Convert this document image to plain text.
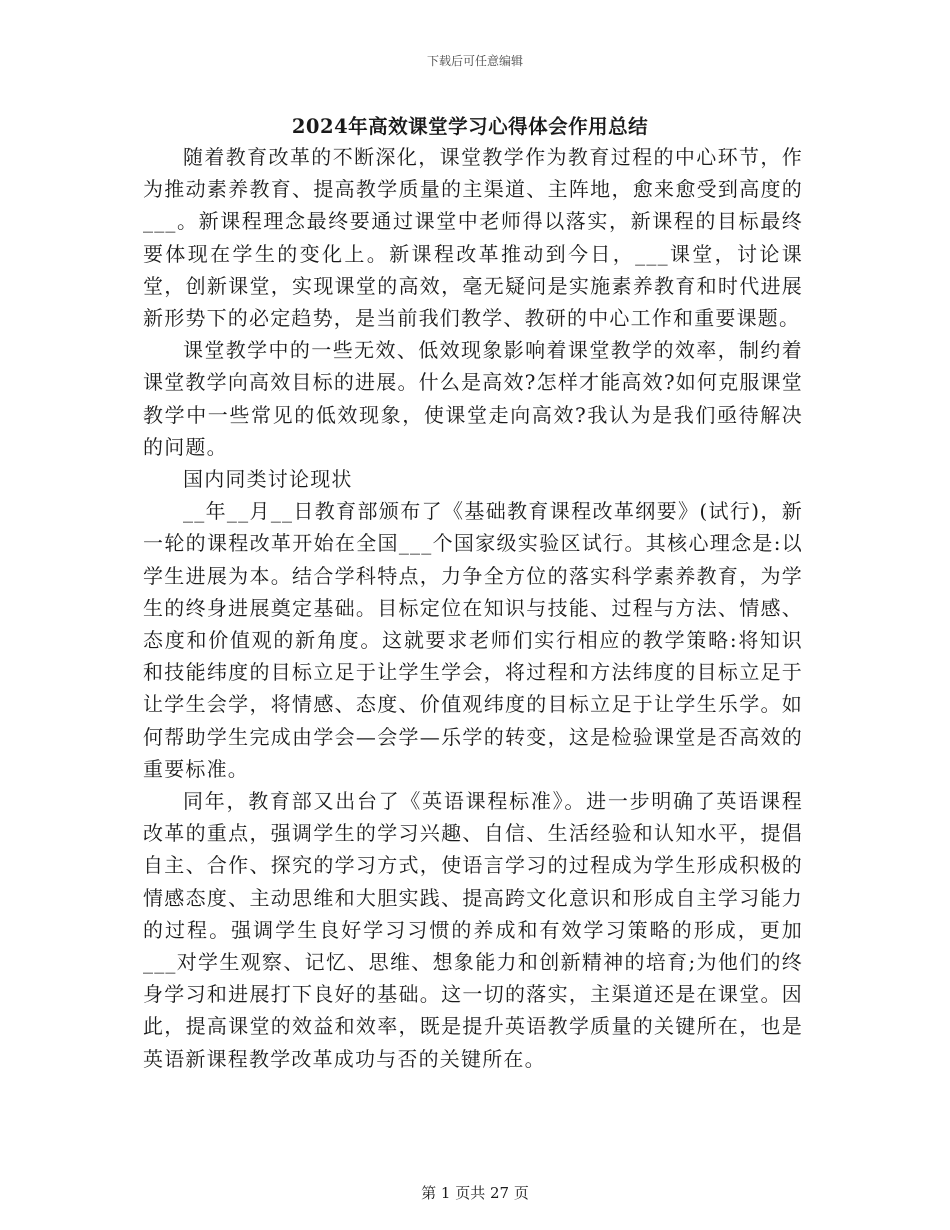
下载后可任意编辑
2024年高效课堂学习心得体会作用总结

随着教育改革的不断深化，课堂教学作为教育过程的中心环节，作为推动素养教育、提高教学质量的主渠道、主阵地，愈来愈受到高度的___。新课程理念最终要通过课堂中老师得以落实，新课程的目标最终要体现在学生的变化上。新课程改革推动到今日，___课堂，讨论课堂，创新课堂，实现课堂的高效，毫无疑问是实施素养教育和时代进展新形势下的必定趋势，是当前我们教学、教研的中心工作和重要课题。

课堂教学中的一些无效、低效现象影响着课堂教学的效率，制约着课堂教学向高效目标的进展。什么是高效?怎样才能高效?如何克服课堂教学中一些常见的低效现象，使课堂走向高效?我认为是我们亟待解决的问题。

国内同类讨论现状

__年__月__日教育部颁布了《基础教育课程改革纲要》(试行)，新一轮的课程改革开始在全国___个国家级实验区试行。其核心理念是:以学生进展为本。结合学科特点，力争全方位的落实科学素养教育，为学生的终身进展奠定基础。目标定位在知识与技能、过程与方法、情感、态度和价值观的新角度。这就要求老师们实行相应的教学策略:将知识和技能纬度的目标立足于让学生学会，将过程和方法纬度的目标立足于让学生会学，将情感、态度、价值观纬度的目标立足于让学生乐学。如何帮助学生完成由学会—会学—乐学的转变，这是检验课堂是否高效的重要标准。

同年，教育部又出台了《英语课程标准》。进一步明确了英语课程改革的重点，强调学生的学习兴趣、自信、生活经验和认知水平，提倡自主、合作、探究的学习方式，使语言学习的过程成为学生形成积极的情感态度、主动思维和大胆实践、提高跨文化意识和形成自主学习能力的过程。强调学生良好学习习惯的养成和有效学习策略的形成，更加___对学生观察、记忆、思维、想象能力和创新精神的培育;为他们的终身学习和进展打下良好的基础。这一切的落实，主渠道还是在课堂。因此，提高课堂的效益和效率，既是提升英语教学质量的关键所在，也是英语新课程教学改革成功与否的关键所在。

第 1 页共 27 页
